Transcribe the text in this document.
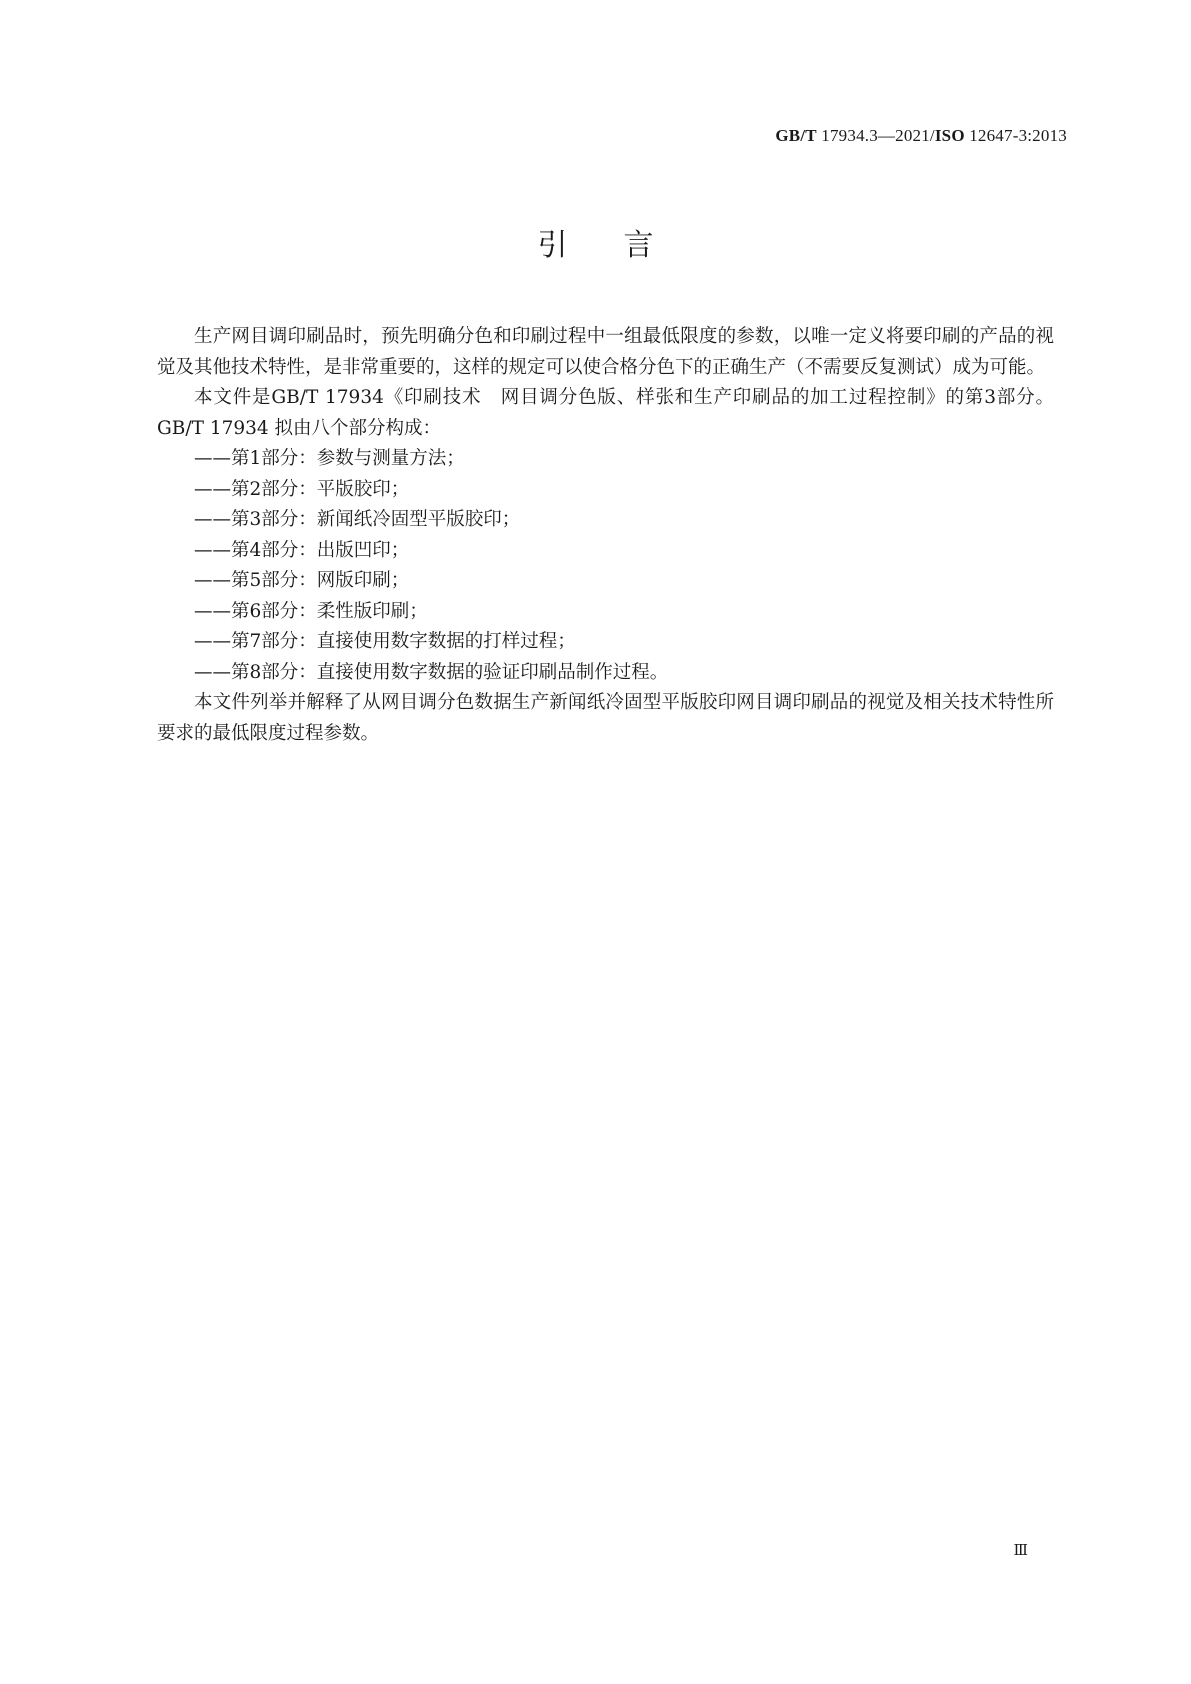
GB/T 17934.3—2021/ISO 12647-3:2013
引言

生产网目调印刷品时，预先明确分色和印刷过程中一组最低限度的参数，以唯一定义将要印刷的产品的视觉及其他技术特性，是非常重要的，这样的规定可以使合格分色下的正确生产（不需要反复测试）成为可能。

本文件是GB/T 17934《印刷技术　网目调分色版、样张和生产印刷品的加工过程控制》的第3部分。GB/T 17934 拟由八个部分构成：

——第1部分：参数与测量方法；
——第2部分：平版胶印；
——第3部分：新闻纸冷固型平版胶印；
——第4部分：出版凹印；
——第5部分：网版印刷；
——第6部分：柔性版印刷；
——第7部分：直接使用数字数据的打样过程；
——第8部分：直接使用数字数据的验证印刷品制作过程。

本文件列举并解释了从网目调分色数据生产新闻纸冷固型平版胶印网目调印刷品的视觉及相关技术特性所要求的最低限度过程参数。

Ⅲ
